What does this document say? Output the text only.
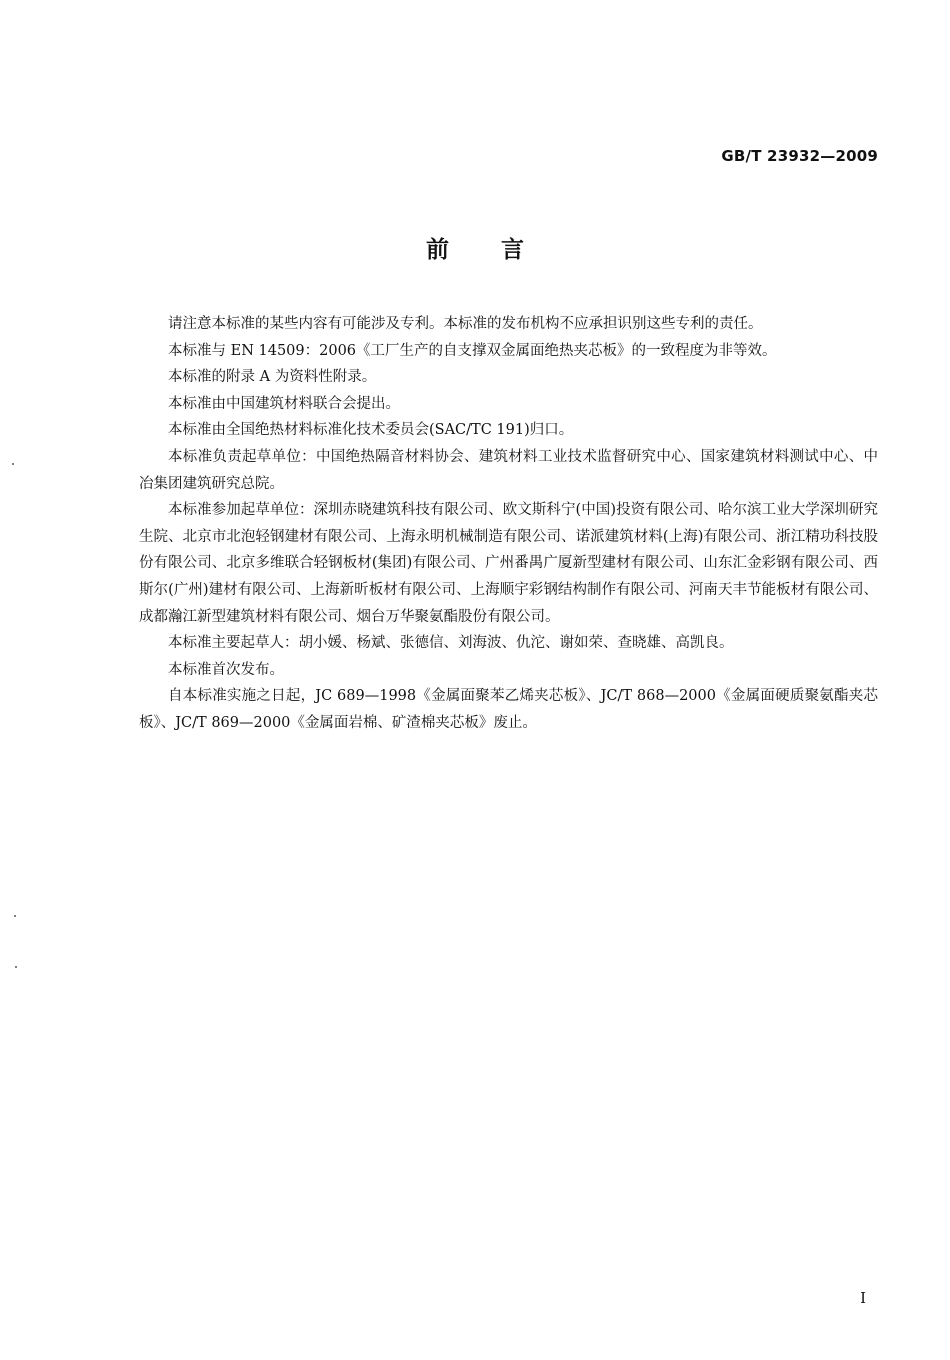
GB/T 23932—2009
前言

请注意本标准的某些内容有可能涉及专利。本标准的发布机构不应承担识别这些专利的责任。

本标准与 EN 14509：2006《工厂生产的自支撑双金属面绝热夹芯板》的一致程度为非等效。

本标准的附录 A 为资料性附录。

本标准由中国建筑材料联合会提出。

本标准由全国绝热材料标准化技术委员会(SAC/TC 191)归口。

本标准负责起草单位：中国绝热隔音材料协会、建筑材料工业技术监督研究中心、国家建筑材料测试中心、中冶集团建筑研究总院。

本标准参加起草单位：深圳赤晓建筑科技有限公司、欧文斯科宁(中国)投资有限公司、哈尔滨工业大学深圳研究生院、北京市北泡轻钢建材有限公司、上海永明机械制造有限公司、诺派建筑材料(上海)有限公司、浙江精功科技股份有限公司、北京多维联合轻钢板材(集团)有限公司、广州番禺广厦新型建材有限公司、山东汇金彩钢有限公司、西斯尔(广州)建材有限公司、上海新昕板材有限公司、上海顺宇彩钢结构制作有限公司、河南天丰节能板材有限公司、成都瀚江新型建筑材料有限公司、烟台万华聚氨酯股份有限公司。

本标准主要起草人：胡小媛、杨斌、张德信、刘海波、仇沱、谢如荣、查晓雄、高凯良。

本标准首次发布。

自本标准实施之日起，JC 689—1998《金属面聚苯乙烯夹芯板》、JC/T 868—2000《金属面硬质聚氨酯夹芯板》、JC/T 869—2000《金属面岩棉、矿渣棉夹芯板》废止。

I
